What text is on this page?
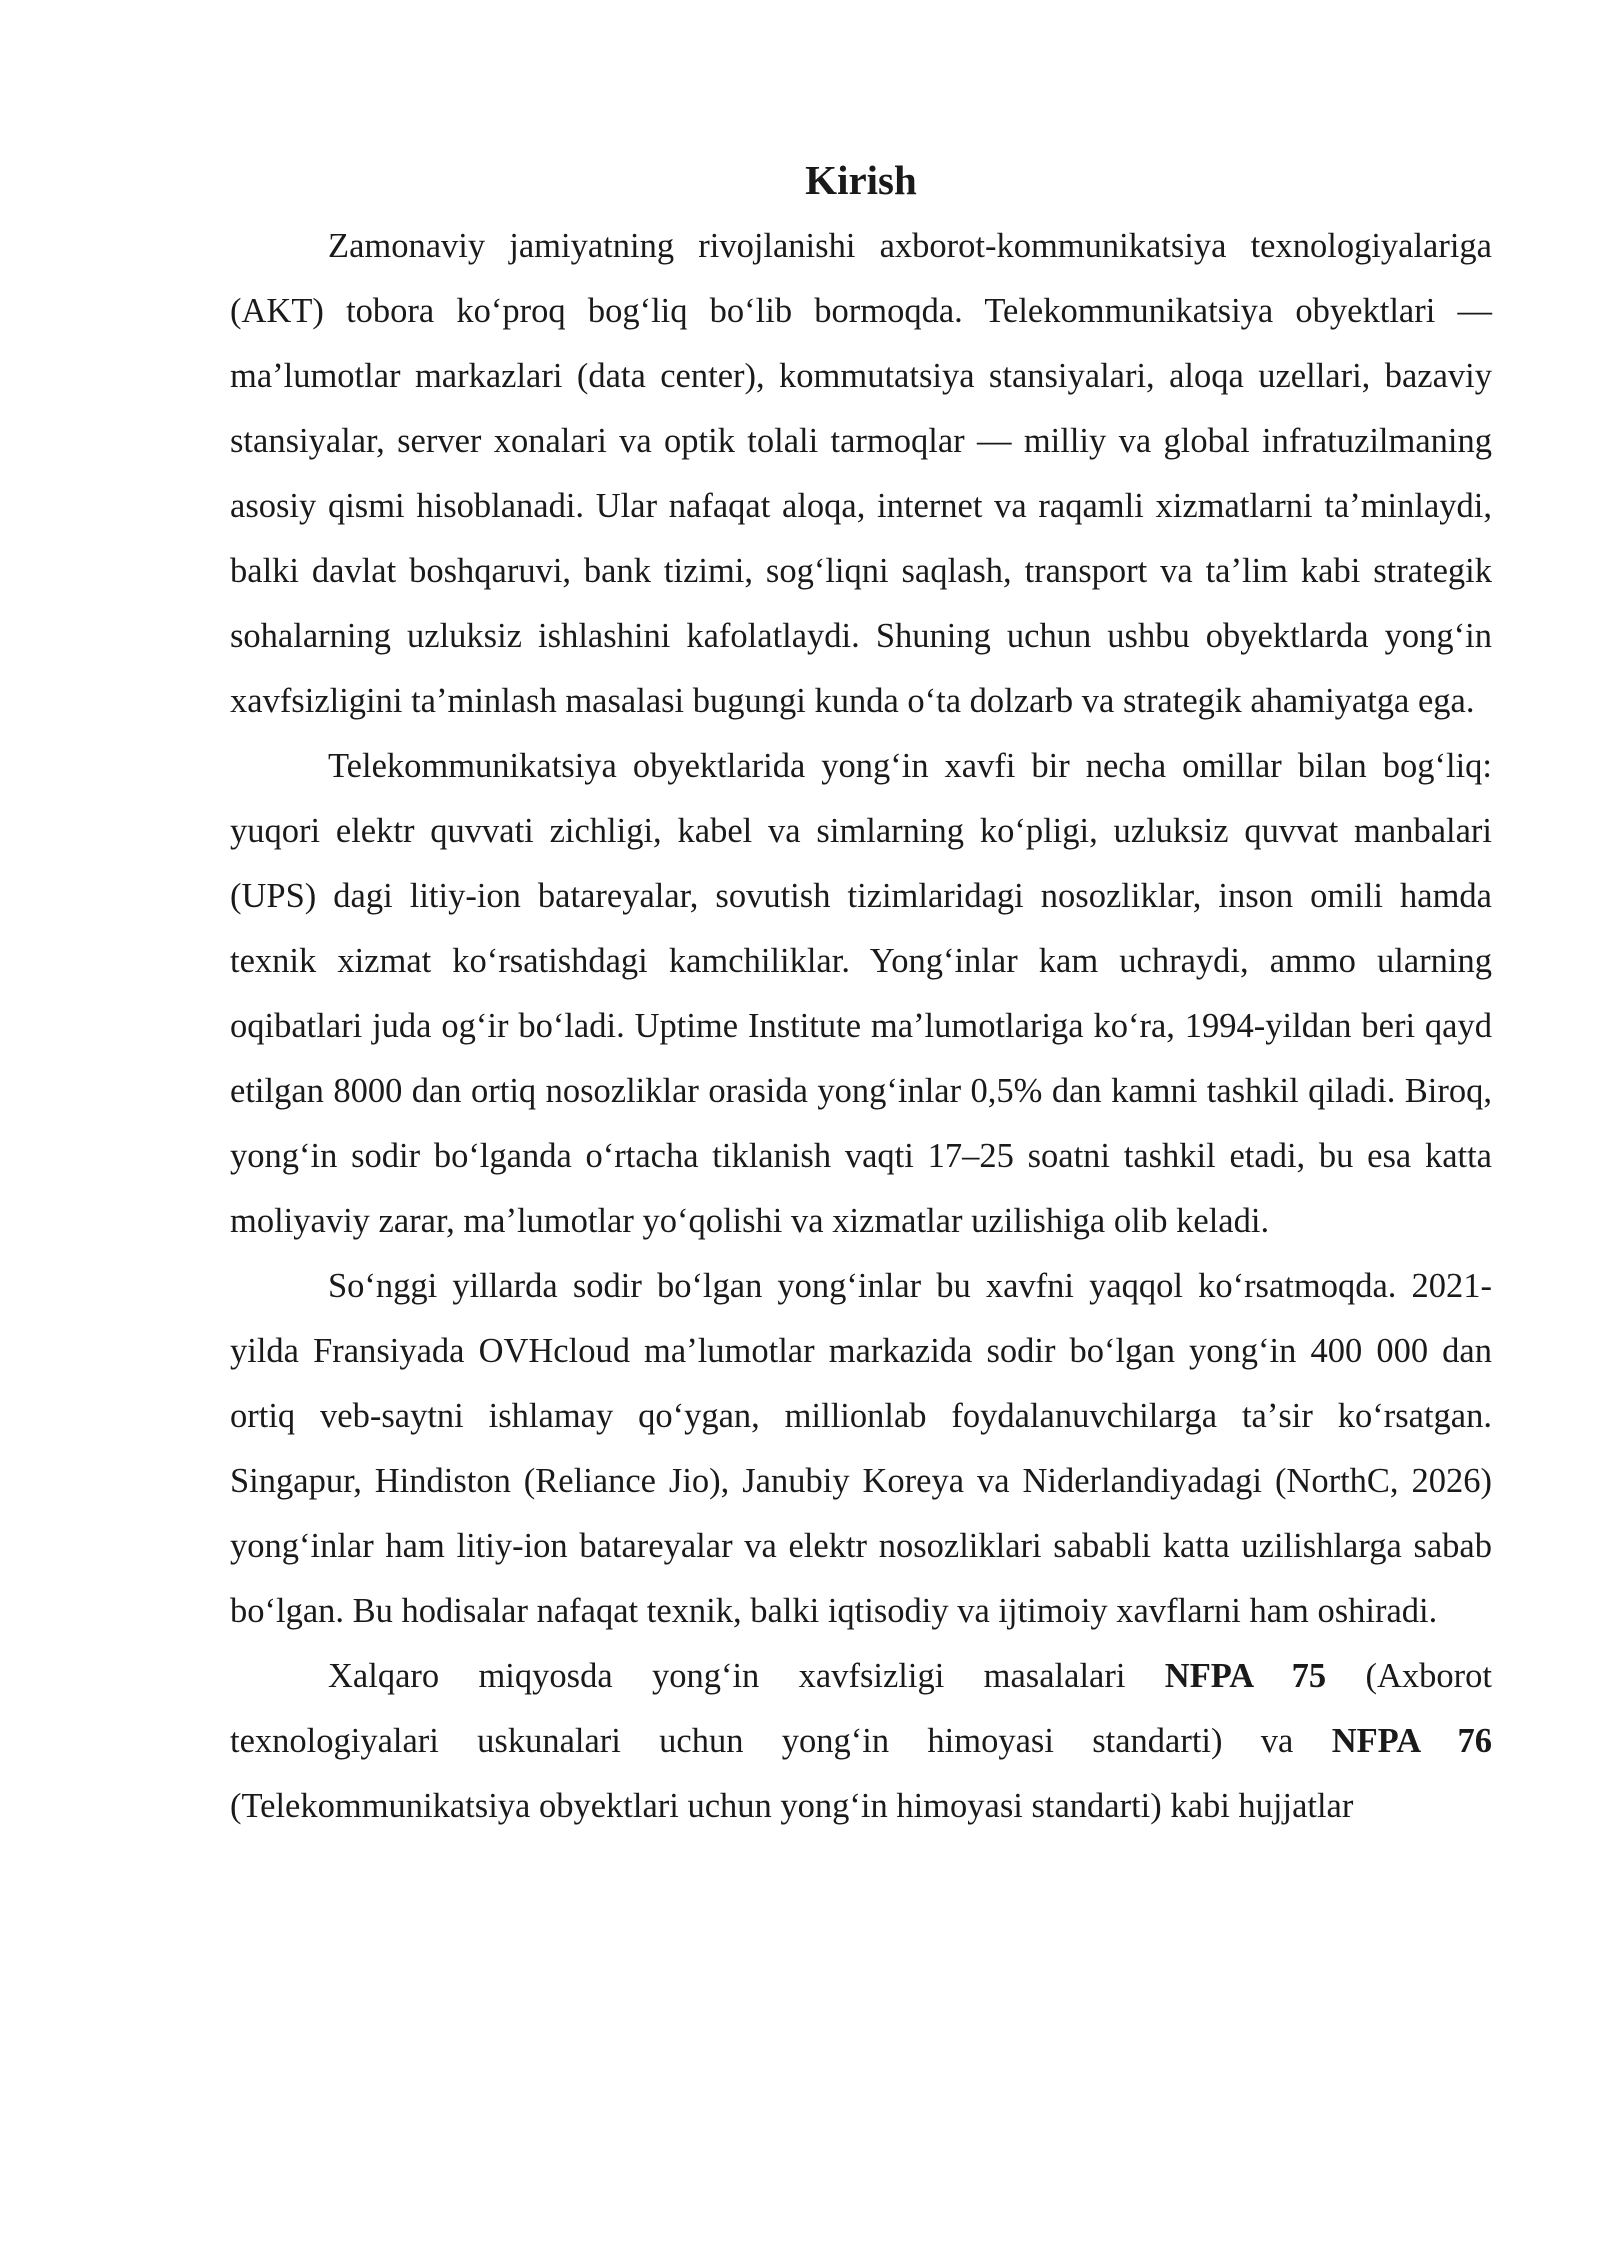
Kirish

Zamonaviy jamiyatning rivojlanishi axborot-kommunikatsiya texnologiyalariga (AKT) tobora koʻproq bogʻliq boʻlib bormoqda. Telekommunikatsiya obyektlari — maʼlumotlar markazlari (data center), kommutatsiya stansiyalari, aloqa uzellari, bazaviy stansiyalar, server xonalari va optik tolali tarmoqlar — milliy va global infratuzilmaning asosiy qismi hisoblanadi. Ular nafaqat aloqa, internet va raqamli xizmatlarni taʼminlaydi, balki davlat boshqaruvi, bank tizimi, sogʻliqni saqlash, transport va taʼlim kabi strategik sohalarning uzluksiz ishlashini kafolatlaydi. Shuning uchun ushbu obyektlarda yongʻin xavfsizligini taʼminlash masalasi bugungi kunda oʻta dolzarb va strategik ahamiyatga ega.

Telekommunikatsiya obyektlarida yongʻin xavfi bir necha omillar bilan bogʻliq: yuqori elektr quvvati zichligi, kabel va simlarning koʻpligi, uzluksiz quvvat manbalari (UPS) dagi litiy-ion batareyalar, sovutish tizimlaridagi nosozliklar, inson omili hamda texnik xizmat koʻrsatishdagi kamchiliklar. Yongʻinlar kam uchraydi, ammo ularning oqibatlari juda ogʻir boʻladi. Uptime Institute maʼlumotlariga koʻra, 1994-yildan beri qayd etilgan 8000 dan ortiq nosozliklar orasida yongʻinlar 0,5% dan kamni tashkil qiladi. Biroq, yongʻin sodir boʻlganda oʻrtacha tiklanish vaqti 17–25 soatni tashkil etadi, bu esa katta moliyaviy zarar, maʼlumotlar yoʻqolishi va xizmatlar uzilishiga olib keladi.

Soʻnggi yillarda sodir boʻlgan yongʻinlar bu xavfni yaqqol koʻrsatmoqda. 2021-yilda Fransiyada OVHcloud maʼlumotlar markazida sodir boʻlgan yongʻin 400 000 dan ortiq veb-saytni ishlamay qoʻygan, millionlab foydalanuvchilarga taʼsir koʻrsatgan. Singapur, Hindiston (Reliance Jio), Janubiy Koreya va Niderlandiyadagi (NorthC, 2026) yongʻinlar ham litiy-ion batareyalar va elektr nosozliklari sababli katta uzilishlarga sabab boʻlgan. Bu hodisalar nafaqat texnik, balki iqtisodiy va ijtimoiy xavflarni ham oshiradi.

Xalqaro miqyosda yongʻin xavfsizligi masalalari NFPA 75 (Axborot texnologiyalari uskunalari uchun yongʻin himoyasi standarti) va NFPA 76 (Telekommunikatsiya obyektlari uchun yongʻin himoyasi standarti) kabi hujjatlar
